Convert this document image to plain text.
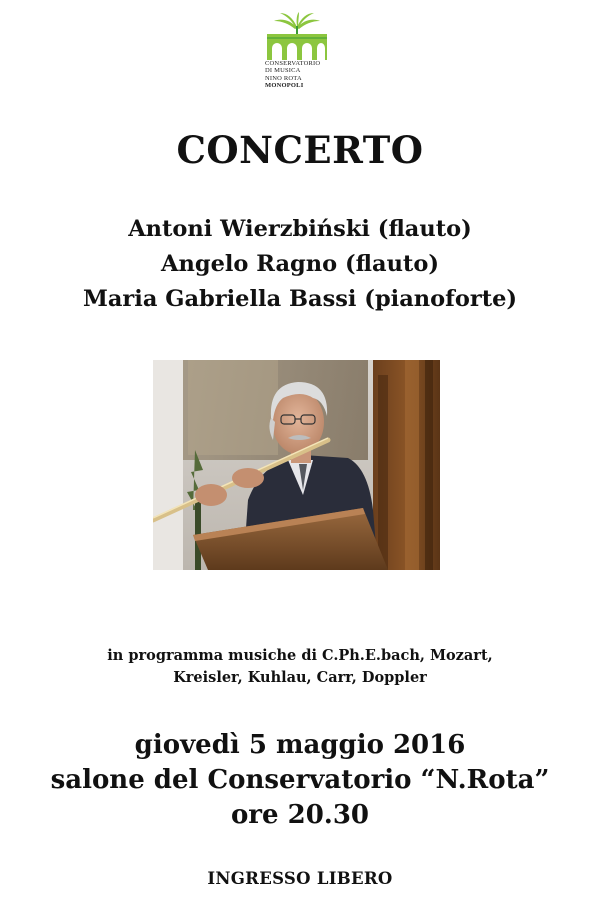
CONSERVATORIO
DI MUSICA
NINO ROTA
MONOPOLI
CONCERTO
Antoni Wierzbiński (flauto)
Angelo Ragno (flauto)
Maria Gabriella Bassi (pianoforte)
in programma musiche di C.Ph.E.bach, Mozart,
Kreisler, Kuhlau, Carr, Doppler
giovedì 5 maggio 2016
salone del Conservatorio “N.Rota”
ore 20.30
INGRESSO LIBERO
